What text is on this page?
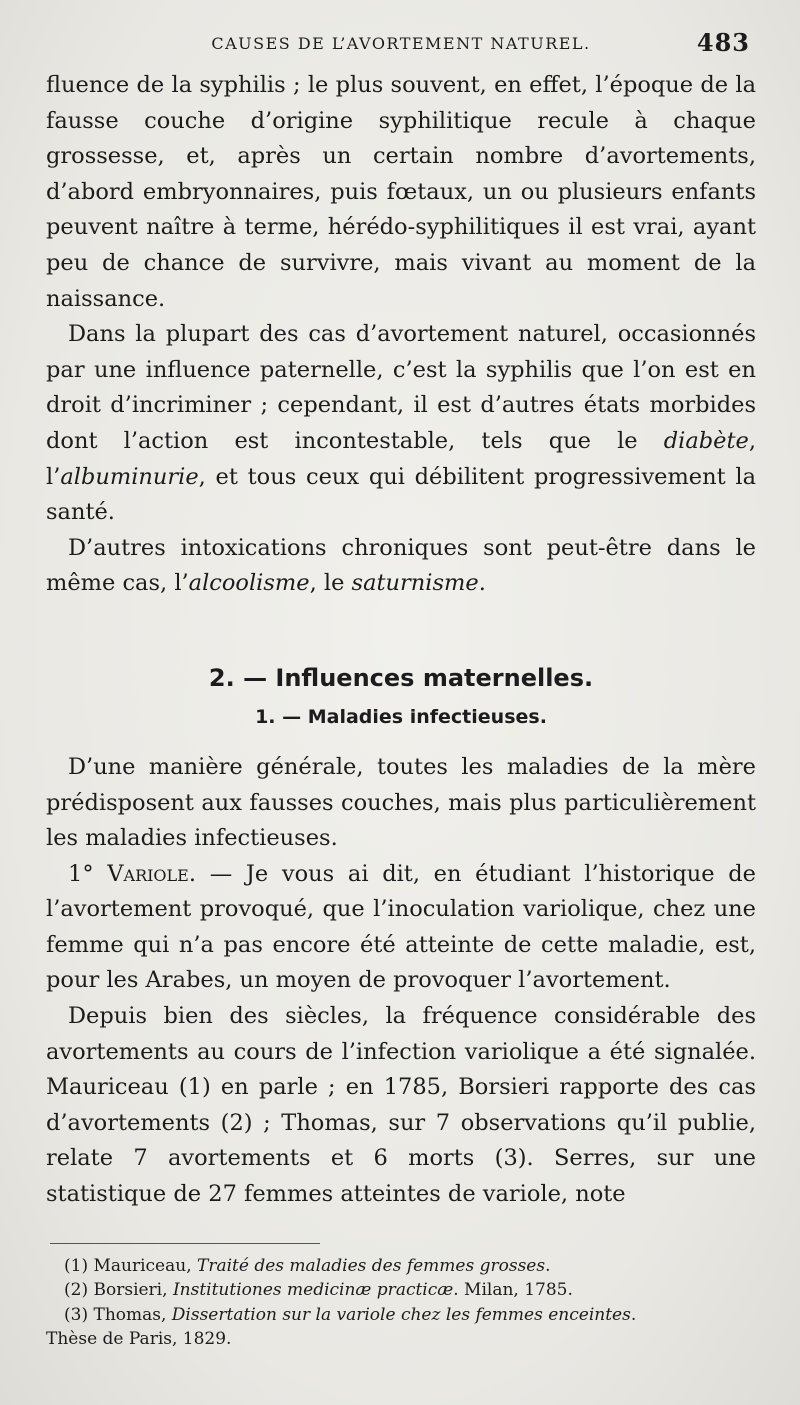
CAUSES DE L’AVORTEMENT NATUREL.	483

fluence de la syphilis ; le plus souvent, en effet, l’époque de la fausse couche d’origine syphilitique recule à chaque grossesse, et, après un certain nombre d’avortements, d’abord embryonnaires, puis fœtaux, un ou plusieurs enfants peuvent naître à terme, hérédo-syphilitiques il est vrai, ayant peu de chance de survivre, mais vivant au moment de la naissance.

Dans la plupart des cas d’avortement naturel, occasionnés par une influence paternelle, c’est la syphilis que l’on est en droit d’incriminer ; cependant, il est d’autres états morbides dont l’action est incontestable, tels que le diabète, l’albuminurie, et tous ceux qui débilitent progressivement la santé.

D’autres intoxications chroniques sont peut-être dans le même cas, l’alcoolisme, le saturnisme.

2. — Influences maternelles.
1. — Maladies infectieuses.

D’une manière générale, toutes les maladies de la mère prédisposent aux fausses couches, mais plus particulièrement les maladies infectieuses.

1° Variole. — Je vous ai dit, en étudiant l’historique de l’avortement provoqué, que l’inoculation variolique, chez une femme qui n’a pas encore été atteinte de cette maladie, est, pour les Arabes, un moyen de provoquer l’avortement.

Depuis bien des siècles, la fréquence considérable des avortements au cours de l’infection variolique a été signalée. Mauriceau (1) en parle ; en 1785, Borsieri rapporte des cas d’avortements (2) ; Thomas, sur 7 observations qu’il publie, relate 7 avortements et 6 morts (3). Serres, sur une statistique de 27 femmes atteintes de variole, note

(1) Mauriceau, Traité des maladies des femmes grosses.

(2) Borsieri, Institutiones medicinæ practicæ. Milan, 1785.

(3) Thomas, Dissertation sur la variole chez les femmes enceintes.

Thèse de Paris, 1829.
